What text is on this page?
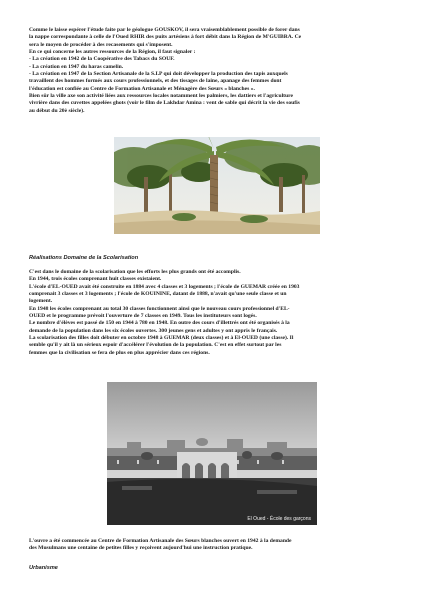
Comme le laisse espérer l'étude faite par le géologue GOUSKOV, il sera vraisemblablement possible de forer dans
la nappe correspondante à celle de l'Oued RHIR des puits artésiens à fort débit dans la Région de M'GUIBRA. Ce
sera le moyen de procéder à des recasements qui s'imposent.
En ce qui concerne les autres ressources de la Région, il faut signaler :
- La création en 1942 de la Coopérative des Tabacs du SOUF.
- La création en 1947 du haras camelin.
- La création en 1947 de la Section Artisanale de la S.I.P qui doit développer la production des tapis auxquels
travaillent des hommes formés aux cours professionnels, et des tissages de laine, apanage des femmes dont
l'éducation est confiée au Centre de Formation Artisanale et Ménagère des Sœurs « blanches ».
Bien sûr la ville axe son activité liées aux ressources locales notamment les palmiers, les dattiers et l'agriculture
vivrière dans des cuvettes appelées ghots (voir le film de Lakhdar Amina : vent de sable qui décrit la vie des soufis
au début du 20è siècle).
Réalisations Domaine de la Scolarisation
C'est dans le domaine de la scolarisation que les efforts les plus grands ont été accomplis.
En 1944, trois écoles comprenant huit classes existaient.
L'école d'EL-OUED avait été construite en 1884 avec 4 classes et 3 logements ; l'école de GUEMAR créée en 1903
comprenait 3 classes et 3 logements ; l'école de KOUININE, datant de 1888, n'avait qu'une seule classe et un
logement.
En 1948 les écoles comprenant au total 30 classes fonctionnent ainsi que le nouveau cours professionnel d'EL-
OUED et le programme prévoit l'ouverture de 7 classes en 1949. Tous les instituteurs sont logés.
Le nombre d'élèves est passé de 150 en 1944 à 780 en 1948. En outre des cours d'illettrés ont été organisés à la
demande de la population dans les six écoles ouvertes. 300 jeunes gens et adultes y ont appris le français.
La scolarisation des filles doit débuter en octobre 1948 à GUEMAR (deux classes) et à El-OUED (une classe). Il
semble qu'il y ait là un sérieux espoir d'accélérer l'évolution de la population. C'est en effet surtout par les
femmes que la civilisation se fera de plus en plus apprécier dans ces régions.
El Oued - École des garçons
L'ouvre a été commencée au Centre de Formation Artisanale des Sœurs blanches ouvert en 1942 à la demande
des Musulmans une centaine de petites filles y reçoivent aujourd'hui une instruction pratique.
Urbanisme
